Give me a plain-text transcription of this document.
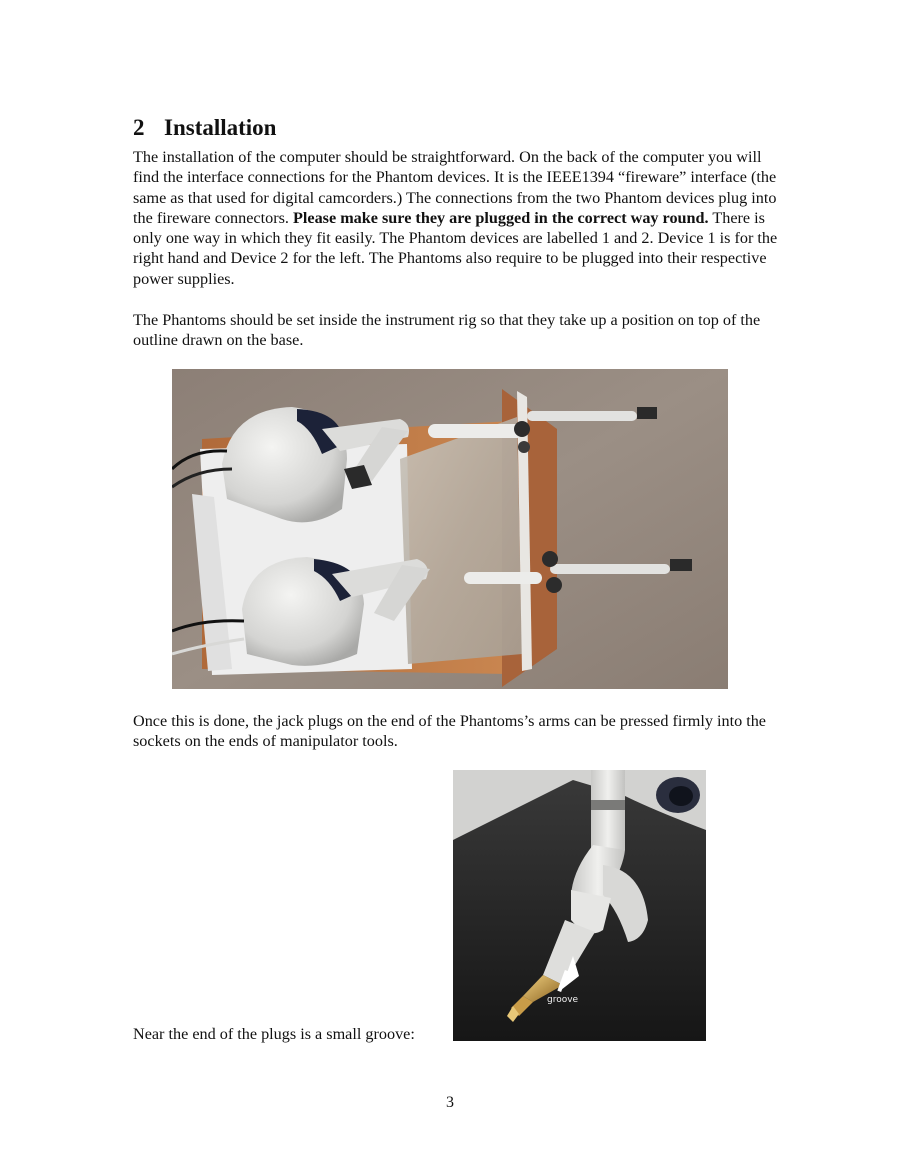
2 Installation

The installation of the computer should be straightforward. On the back of the computer you will find the interface connections for the Phantom devices. It is the IEEE1394 “fireware” interface (the same as that used for digital camcorders.) The connections from the two Phantom devices plug into the fireware connectors. Please make sure they are plugged in the correct way round. There is only one way in which they fit easily. The Phantom devices are labelled 1 and 2. Device 1 is for the right hand and Device 2 for the left. The Phantoms also require to be plugged into their respective power supplies.

The Phantoms should be set inside the instrument rig so that they take up a position on top of the outline drawn on the base.

Once this is done, the jack plugs on the end of the Phantoms’s arms can be pressed firmly into the sockets on the ends of manipulator tools.

Near the end of the plugs is a small groove:

groove

3
